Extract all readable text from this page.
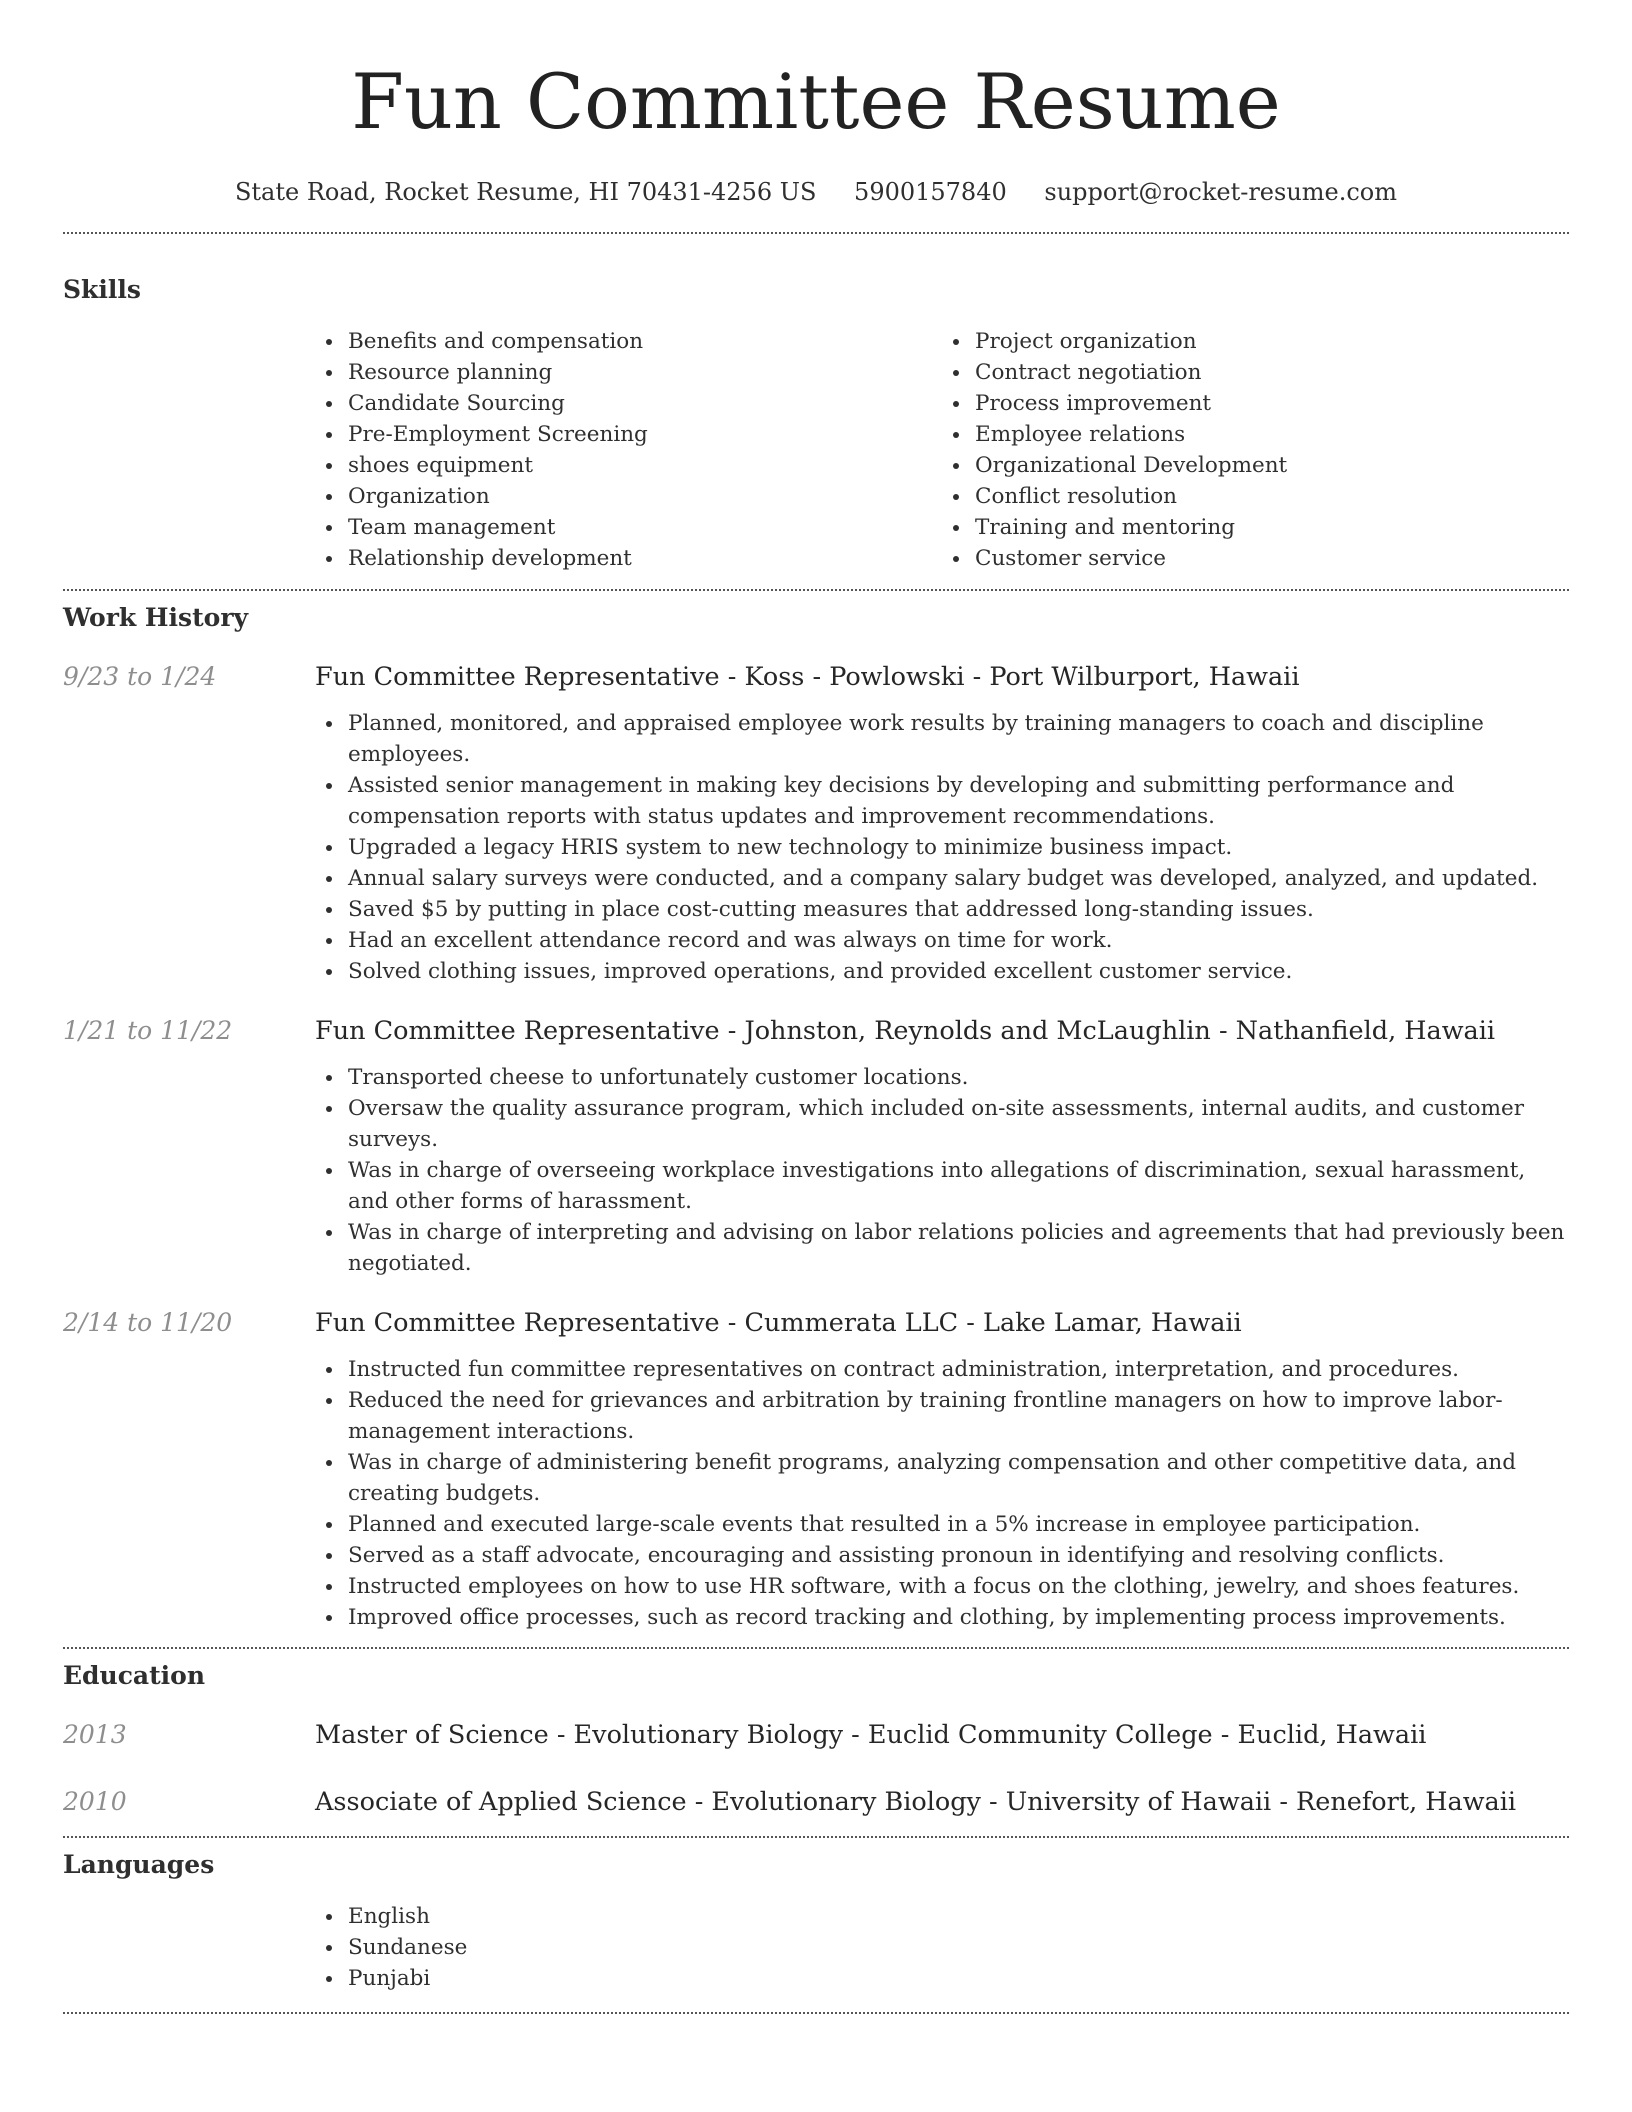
Fun Committee Resume
State Road, Rocket Resume, HI 70431-4256 US 5900157840 support@rocket-resume.com
Skills
• Benefits and compensation
• Resource planning
• Candidate Sourcing
• Pre-Employment Screening
• shoes equipment
• Organization
• Team management
• Relationship development
• Project organization
• Contract negotiation
• Process improvement
• Employee relations
• Organizational Development
• Conflict resolution
• Training and mentoring
• Customer service
Work History
9/23 to 1/24	Fun Committee Representative - Koss - Powlowski - Port Wilburport, Hawaii
• Planned, monitored, and appraised employee work results by training managers to coach and discipline employees.
• Assisted senior management in making key decisions by developing and submitting performance and compensation reports with status updates and improvement recommendations.
• Upgraded a legacy HRIS system to new technology to minimize business impact.
• Annual salary surveys were conducted, and a company salary budget was developed, analyzed, and updated.
• Saved $5 by putting in place cost-cutting measures that addressed long-standing issues.
• Had an excellent attendance record and was always on time for work.
• Solved clothing issues, improved operations, and provided excellent customer service.
1/21 to 11/22	Fun Committee Representative - Johnston, Reynolds and McLaughlin - Nathanfield, Hawaii
• Transported cheese to unfortunately customer locations.
• Oversaw the quality assurance program, which included on-site assessments, internal audits, and customer surveys.
• Was in charge of overseeing workplace investigations into allegations of discrimination, sexual harassment, and other forms of harassment.
• Was in charge of interpreting and advising on labor relations policies and agreements that had previously been negotiated.
2/14 to 11/20	Fun Committee Representative - Cummerata LLC - Lake Lamar, Hawaii
• Instructed fun committee representatives on contract administration, interpretation, and procedures.
• Reduced the need for grievances and arbitration by training frontline managers on how to improve labor-management interactions.
• Was in charge of administering benefit programs, analyzing compensation and other competitive data, and creating budgets.
• Planned and executed large-scale events that resulted in a 5% increase in employee participation.
• Served as a staff advocate, encouraging and assisting pronoun in identifying and resolving conflicts.
• Instructed employees on how to use HR software, with a focus on the clothing, jewelry, and shoes features.
• Improved office processes, such as record tracking and clothing, by implementing process improvements.
Education
2013	Master of Science - Evolutionary Biology - Euclid Community College - Euclid, Hawaii
2010	Associate of Applied Science - Evolutionary Biology - University of Hawaii - Renefort, Hawaii
Languages
• English
• Sundanese
• Punjabi
